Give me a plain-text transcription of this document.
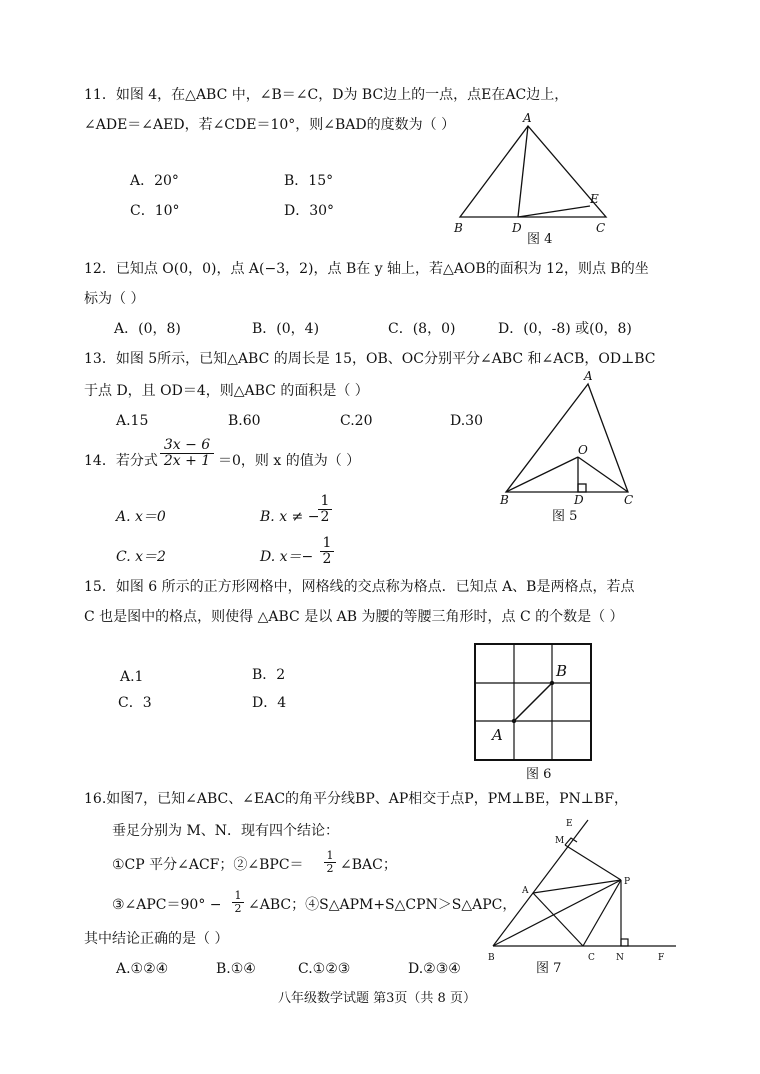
11．如图 4，在△ABC 中，∠B＝∠C，D为 BC边上的一点，点E在AC边上，
∠ADE＝∠AED，若∠CDE＝10°，则∠BAD的度数为（ ）
A．20°	B．15°
C．10°	D．30°
A
B	D
E
C
图 4
12．已知点 O(0，0)，点 A(−3，2)，点 B在 y 轴上，若△AOB的面积为 12，则点 B的坐
标为（ ）
A．(0，8)	B．(0，4)	C．(8，0)	D．(0，-8) 或(0，8)
13．如图 5所示，已知△ABC 的周长是 15，OB、OC分别平分∠ABC 和∠ACB，OD⊥BC
于点 D，且 OD＝4，则△ABC 的面积是（ ）
A.15	B.60	C.20	D.30
A
B	D	C
O
图 5
14．若分式 $\frac{3x - 6}{2x + 1} =0$，则 x 的值为（ ）
A. x＝0	B. x ≠ −
$\frac{1}{2}$
C. x＝2	D. $x=- \frac{1}{2}$
15．如图 6 所示的正方形网格中，网格线的交点称为格点．已知点 A、B是两格点，若点
C 也是图中的格点，则使得 △ABC 是以 AB 为腰的等腰三角形时，点 C 的个数是（ ）
A.1	B．2
C．3	D．4
B
A
图 6
16.如图7，已知∠ABC、∠EAC的角平分线BP、AP相交于点P，PM⊥BE，PN⊥BF，
垂足分别为 M、N．现有四个结论：
①CP 平分∠ACF；②∠BPC＝ $\frac{1}{2}$ ∠BAC；
③∠APC＝90° − $\frac{1}{2}$ ∠ABC；④S△APM+S△CPN＞S△APC，
其中结论正确的是（ ）
A.①②④	B.①④	C.①②③	D.②③④
E
M
A
P
B	C N	F
图 7
八年级数学试题 第3页（共 8 页）
